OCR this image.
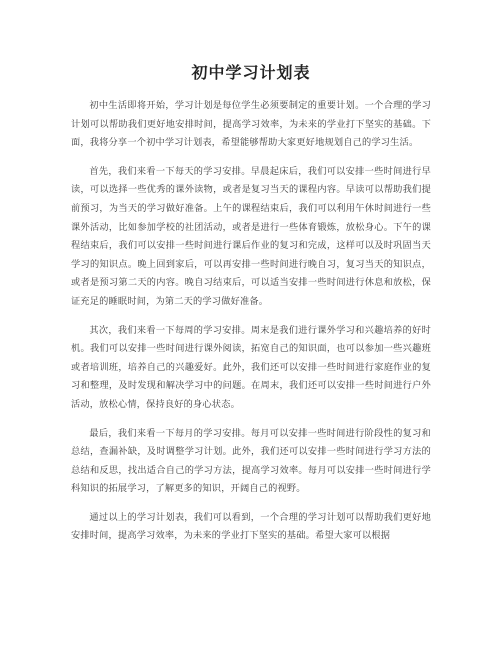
初中学习计划表

初中生活即将开始，学习计划是每位学生必须要制定的重要计划。一个合理的学习计划可以帮助我们更好地安排时间，提高学习效率，为未来的学业打下坚实的基础。下面，我将分享一个初中学习计划表，希望能够帮助大家更好地规划自己的学习生活。

首先，我们来看一下每天的学习安排。早晨起床后，我们可以安排一些时间进行早读，可以选择一些优秀的课外读物，或者是复习当天的课程内容。早读可以帮助我们提前预习，为当天的学习做好准备。上午的课程结束后，我们可以利用午休时间进行一些课外活动，比如参加学校的社团活动，或者是进行一些体育锻炼，放松身心。下午的课程结束后，我们可以安排一些时间进行课后作业的复习和完成，这样可以及时巩固当天学习的知识点。晚上回到家后，可以再安排一些时间进行晚自习，复习当天的知识点，或者是预习第二天的内容。晚自习结束后，可以适当安排一些时间进行休息和放松，保证充足的睡眠时间，为第二天的学习做好准备。

其次，我们来看一下每周的学习安排。周末是我们进行课外学习和兴趣培养的好时机。我们可以安排一些时间进行课外阅读，拓宽自己的知识面，也可以参加一些兴趣班或者培训班，培养自己的兴趣爱好。此外，我们还可以安排一些时间进行家庭作业的复习和整理，及时发现和解决学习中的问题。在周末，我们还可以安排一些时间进行户外活动，放松心情，保持良好的身心状态。

最后，我们来看一下每月的学习安排。每月可以安排一些时间进行阶段性的复习和总结，查漏补缺，及时调整学习计划。此外，我们还可以安排一些时间进行学习方法的总结和反思，找出适合自己的学习方法，提高学习效率。每月可以安排一些时间进行学科知识的拓展学习，了解更多的知识，开阔自己的视野。

通过以上的学习计划表，我们可以看到，一个合理的学习计划可以帮助我们更好地安排时间，提高学习效率，为未来的学业打下坚实的基础。希望大家可以根据
